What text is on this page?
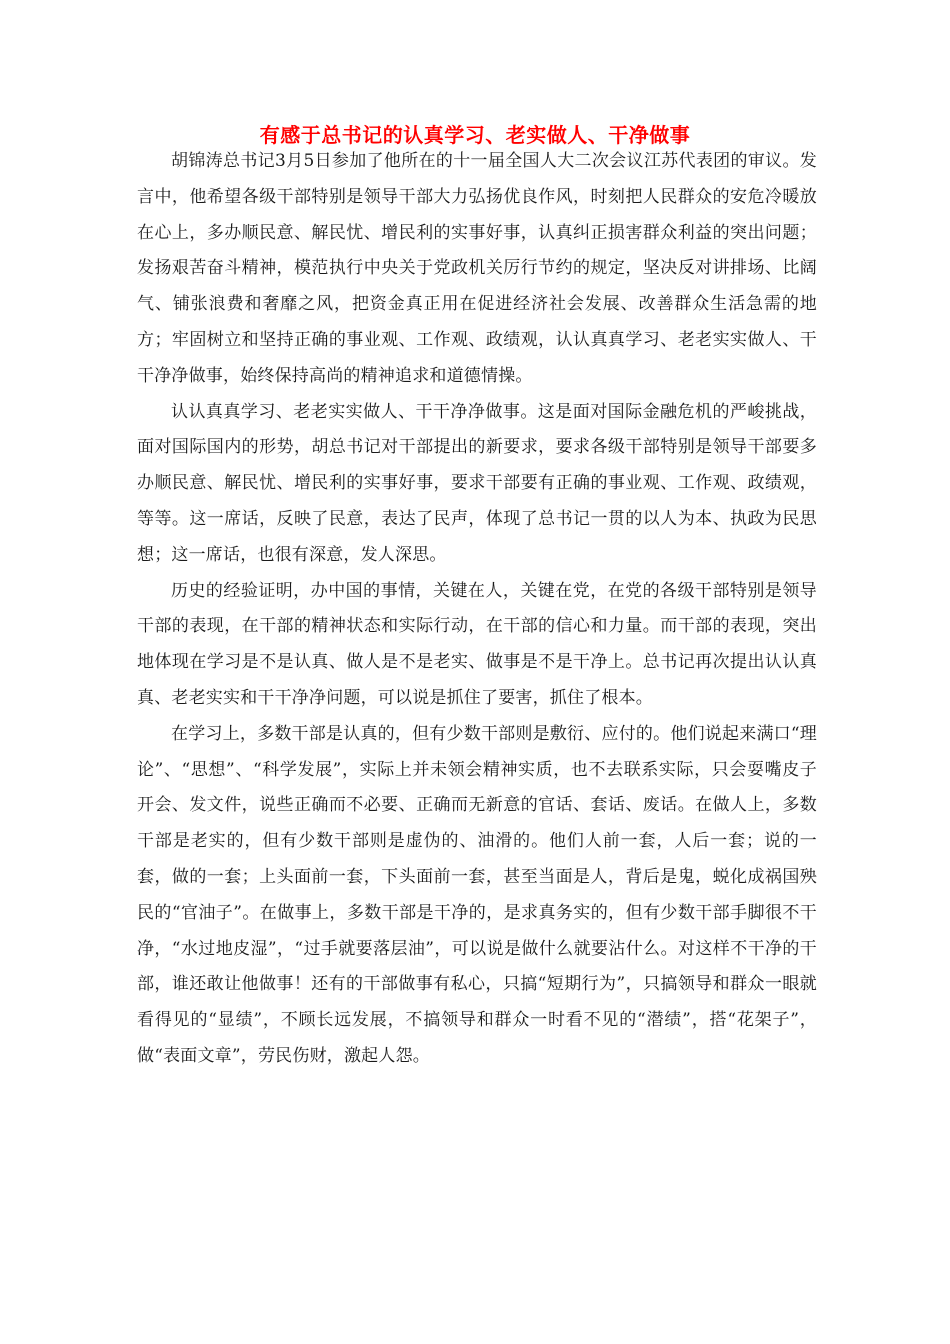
有感于总书记的认真学习、老实做人、干净做事

胡锦涛总书记3月5日参加了他所在的十一届全国人大二次会议江苏代表团的审议。发言中，他希望各级干部特别是领导干部大力弘扬优良作风，时刻把人民群众的安危冷暖放在心上，多办顺民意、解民忧、增民利的实事好事，认真纠正损害群众利益的突出问题；发扬艰苦奋斗精神，模范执行中央关于党政机关厉行节约的规定，坚决反对讲排场、比阔气、铺张浪费和奢靡之风，把资金真正用在促进经济社会发展、改善群众生活急需的地方；牢固树立和坚持正确的事业观、工作观、政绩观，认认真真学习、老老实实做人、干干净净做事，始终保持高尚的精神追求和道德情操。

认认真真学习、老老实实做人、干干净净做事。这是面对国际金融危机的严峻挑战，面对国际国内的形势，胡总书记对干部提出的新要求，要求各级干部特别是领导干部要多办顺民意、解民忧、增民利的实事好事，要求干部要有正确的事业观、工作观、政绩观，等等。这一席话，反映了民意，表达了民声，体现了总书记一贯的以人为本、执政为民思想；这一席话，也很有深意，发人深思。

历史的经验证明，办中国的事情，关键在人，关键在党，在党的各级干部特别是领导干部的表现，在干部的精神状态和实际行动，在干部的信心和力量。而干部的表现，突出地体现在学习是不是认真、做人是不是老实、做事是不是干净上。总书记再次提出认认真真、老老实实和干干净净问题，可以说是抓住了要害，抓住了根本。

在学习上，多数干部是认真的，但有少数干部则是敷衍、应付的。他们说起来满口“理论”、“思想”、“科学发展”，实际上并未领会精神实质，也不去联系实际，只会耍嘴皮子开会、发文件，说些正确而不必要、正确而无新意的官话、套话、废话。在做人上，多数干部是老实的，但有少数干部则是虚伪的、油滑的。他们人前一套，人后一套；说的一套，做的一套；上头面前一套，下头面前一套，甚至当面是人，背后是鬼，蜕化成祸国殃民的“官油子”。在做事上，多数干部是干净的，是求真务实的，但有少数干部手脚很不干净，“水过地皮湿”，“过手就要落层油”，可以说是做什么就要沾什么。对这样不干净的干部，谁还敢让他做事！还有的干部做事有私心，只搞“短期行为”，只搞领导和群众一眼就看得见的“显绩”，不顾长远发展，不搞领导和群众一时看不见的“潜绩”，搭“花架子”，做“表面文章”，劳民伤财，激起人怨。
